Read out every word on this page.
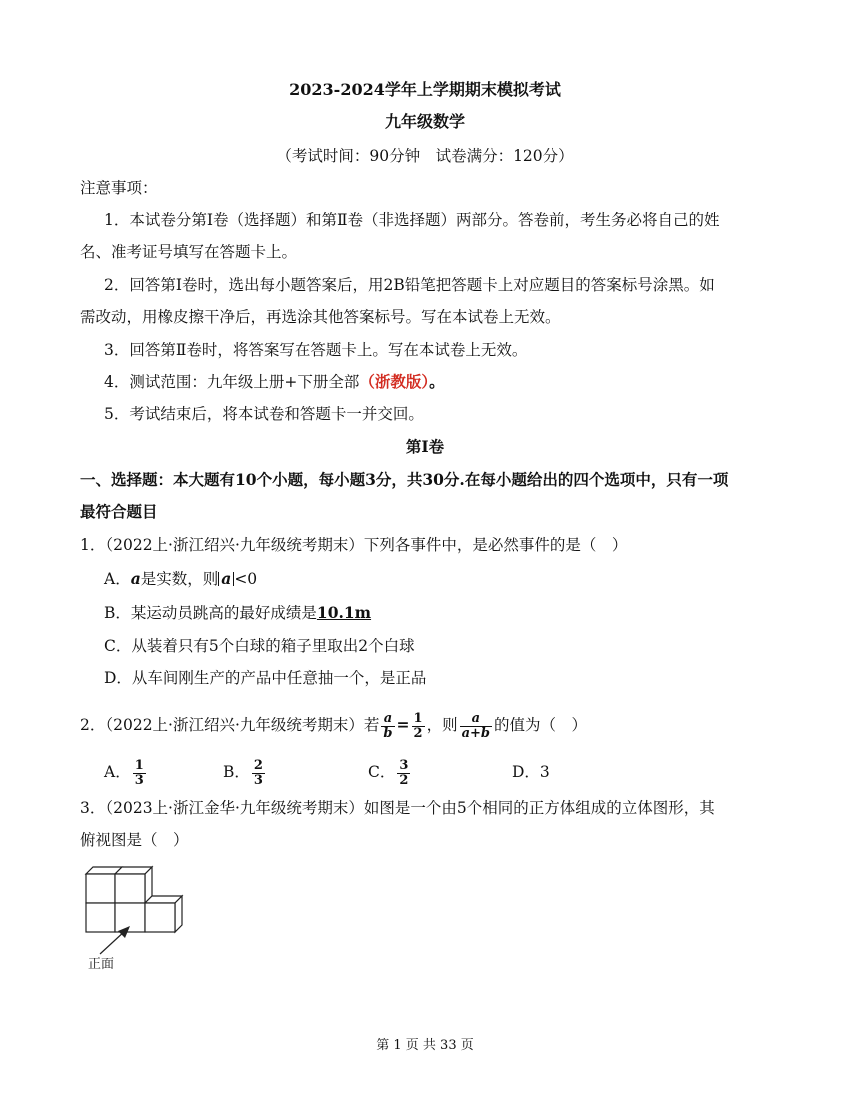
2023-2024学年上学期期末模拟考试
九年级数学
（考试时间：90分钟　试卷满分：120分）
注意事项：
1．本试卷分第Ⅰ卷（选择题）和第Ⅱ卷（非选择题）两部分。答卷前，考生务必将自己的姓
名、准考证号填写在答题卡上。
2．回答第Ⅰ卷时，选出每小题答案后，用2B铅笔把答题卡上对应题目的答案标号涂黑。如
需改动，用橡皮擦干净后，再选涂其他答案标号。写在本试卷上无效。
3．回答第Ⅱ卷时，将答案写在答题卡上。写在本试卷上无效。
4．测试范围：九年级上册+下册全部（浙教版）。
5．考试结束后，将本试卷和答题卡一并交回。
第Ⅰ卷
一、选择题：本大题有10个小题，每小题3分，共30分.在每小题给出的四个选项中，只有一项
最符合题目
1．（2022上·浙江绍兴·九年级统考期末）下列各事件中，是必然事件的是（　）
A．a是实数，则 a <0
B．某运动员跳高的最好成绩是10.1m
C．从装着只有5个白球的箱子里取出2个白球
D．从车间刚生产的产品中任意抽一个，是正品
2．（2022上·浙江绍兴·九年级统考期末）若 $\frac{a}{b} = \frac{1}{2}$ ，则 $\frac{a}{a+b}$ 的值为（　）
A． $\frac{1}{3}$	B． $\frac{2}{3}$	C． $\frac{3}{2}$	D．3
3．（2023上·浙江金华·九年级统考期末）如图是一个由5个相同的正方体组成的立体图形，其
俯视图是（　）
正面
第 1 页 共 33 页
